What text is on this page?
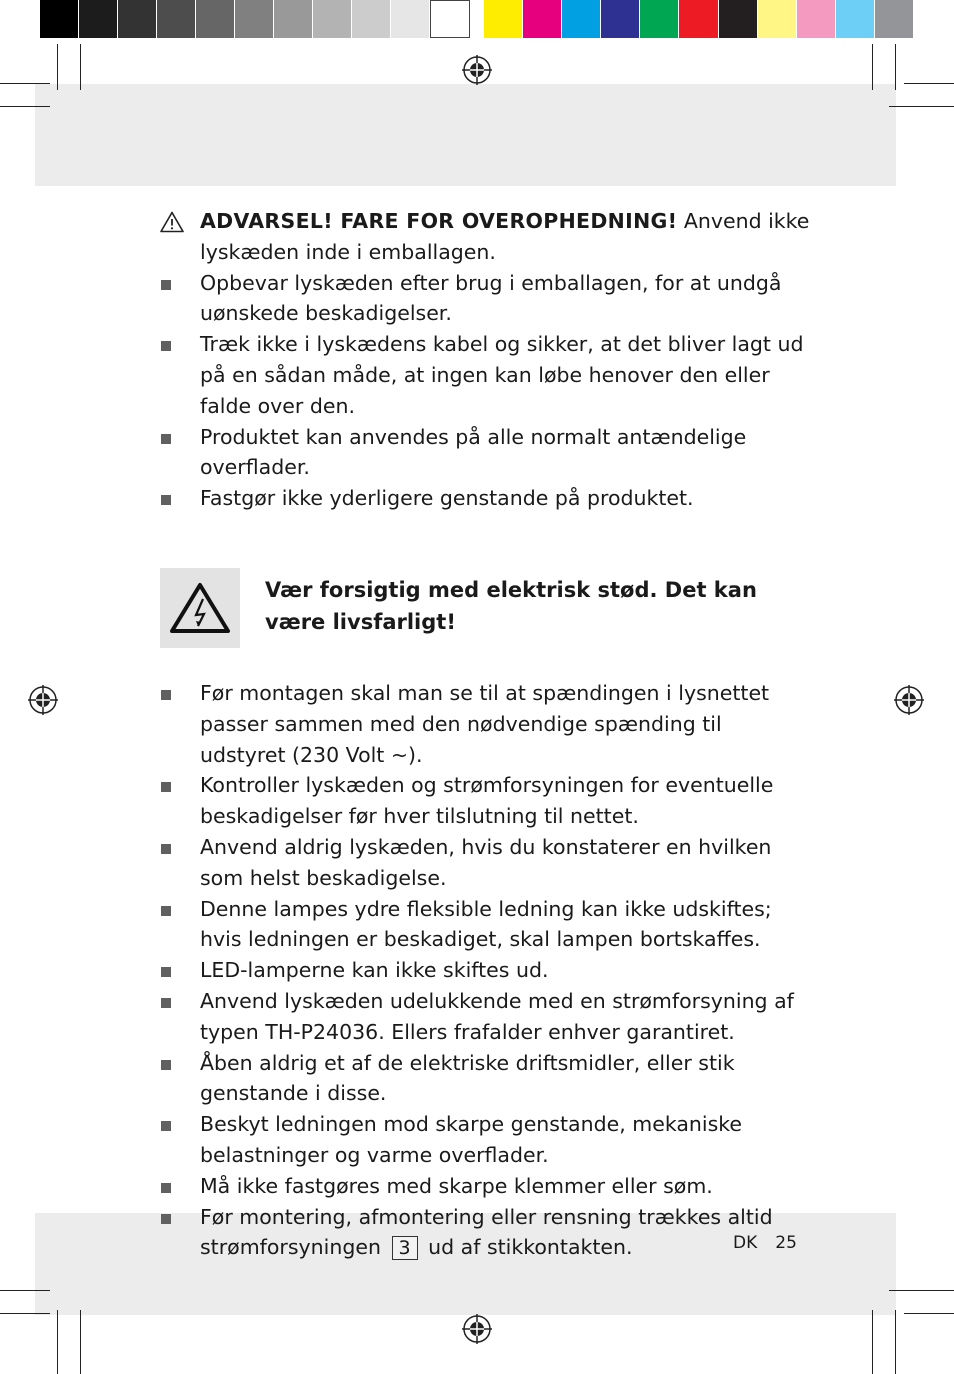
ADVARSEL! FARE FOR OVEROPHEDNING! Anvend ikke lyskæden inde i emballagen.
Opbevar lyskæden efter brug i emballagen, for at undgå uønskede beskadigelser.
Træk ikke i lyskædens kabel og sikker, at det bliver lagt ud på en sådan måde, at ingen kan løbe henover den eller falde over den.
Produktet kan anvendes på alle normalt antændelige overflader.
Fastgør ikke yderligere genstande på produktet.
Vær forsigtig med elektrisk stød. Det kan være livsfarligt!
Før montagen skal man se til at spændingen i lysnettet passer sammen med den nødvendige spænding til udstyret (230 Volt ~).
Kontroller lyskæden og strømforsyningen for eventuelle beskadigelser før hver tilslutning til nettet.
Anvend aldrig lyskæden, hvis du konstaterer en hvilken som helst beskadigelse.
Denne lampes ydre fleksible ledning kan ikke udskiftes; hvis ledningen er beskadiget, skal lampen bortskaffes.
LED-lamperne kan ikke skiftes ud.
Anvend lyskæden udelukkende med en strømforsyning af typen TH-P24036. Ellers frafalder enhver garantiret.
Åben aldrig et af de elektriske driftsmidler, eller stik genstande i disse.
Beskyt ledningen mod skarpe genstande, mekaniske belastninger og varme overflader.
Må ikke fastgøres med skarpe klemmer eller søm.
Før montering, afmontering eller rensning trækkes altid strømforsyningen 3 ud af stikkontakten.	DK 25
